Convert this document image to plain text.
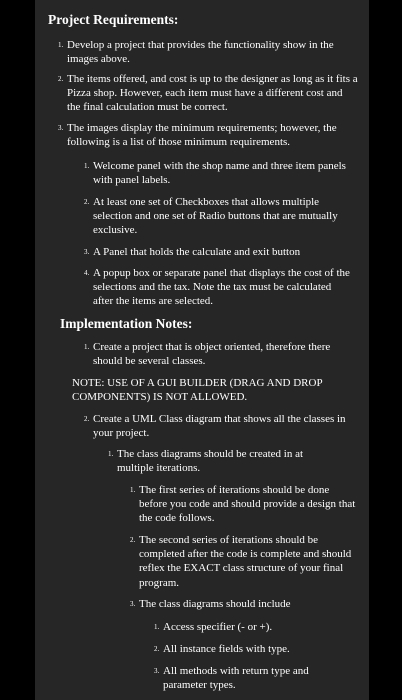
Project Requirements:
1. Develop a project that provides the functionality show in the images above.
2. The items offered, and cost is up to the designer as long as it fits a Pizza shop. However, each item must have a different cost and the final calculation must be correct.
3. The images display the minimum requirements; however, the following is a list of those minimum requirements.
1. Welcome panel with the shop name and three item panels with panel labels.
2. At least one set of Checkboxes that allows multiple selection and one set of Radio buttons that are mutually exclusive.
3. A Panel that holds the calculate and exit button
4. A popup box or separate panel that displays the cost of the selections and the tax. Note the tax must be calculated after the items are selected.
Implementation Notes:
1. Create a project that is object oriented, therefore there should be several classes.
NOTE: USE OF A GUI BUILDER (DRAG AND DROP COMPONENTS) IS NOT ALLOWED.
2. Create a UML Class diagram that shows all the classes in your project.
1. The class diagrams should be created in at multiple iterations.
1. The first series of iterations should be done before you code and should provide a design that the code follows.
2. The second series of iterations should be completed after the code is complete and should reflex the EXACT class structure of your final program.
3. The class diagrams should include
1. Access specifier (- or +).
2. All instance fields with type.
3. All methods with return type and parameter types.
